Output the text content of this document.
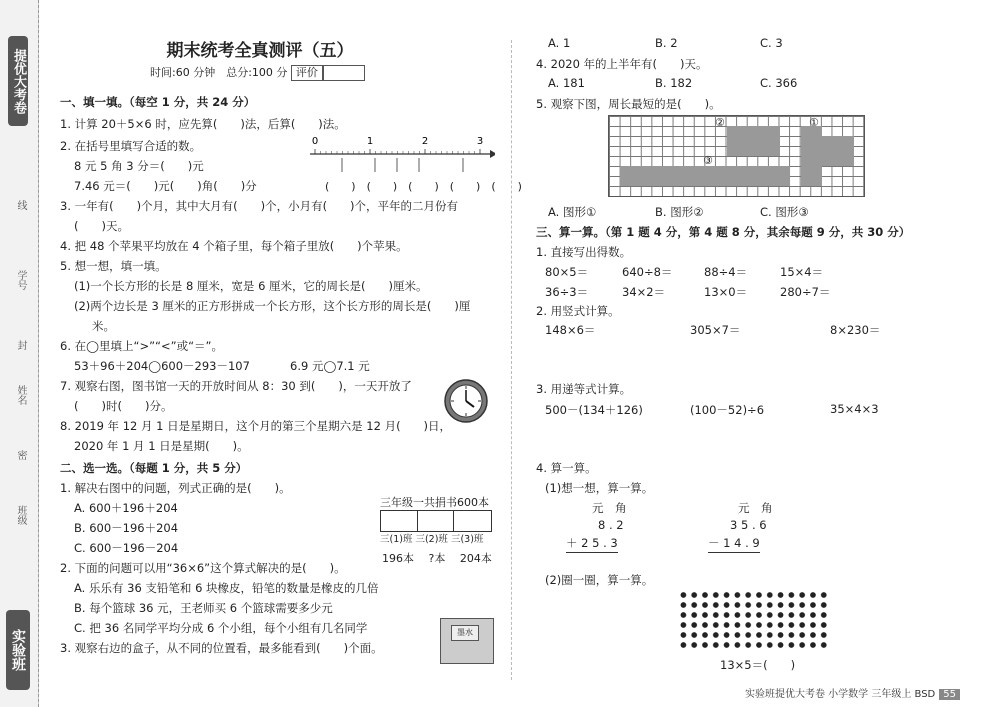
提优大考卷
线
学号
封
姓名
密
班级
实验班
期末统考全真测评（五）
时间:60 分钟　总分:100 分 评价
一、填一填。（每空 1 分，共 24 分）
1. 计算 20＋5×6 时，应先算(　　)法，后算(　　)法。
2. 在括号里填写合适的数。
8 元 5 角 3 分＝(　　)元
7.46 元＝(　　)元(　　)角(　　)分
0	1	2	3
(　　)　(　　)　(　　)　(　　)　(　　)
3. 一年有(　　)个月，其中大月有(　　)个，小月有(　　)个，平年的二月份有
(　　)天。
4. 把 48 个苹果平均放在 4 个箱子里，每个箱子里放(　　)个苹果。
5. 想一想，填一填。
(1)一个长方形的长是 8 厘米，宽是 6 厘米，它的周长是(　　)厘米。
(2)两个边长是 3 厘米的正方形拼成一个长方形，这个长方形的周长是(　　)厘
米。
6. 在◯里填上“>”“<”或“＝”。
53＋96＋204◯600－293－107	6.9 元◯7.1 元
7. 观察右图，图书馆一天的开放时间从 8：30 到(　　)，一天开放了
(　　)时(　　)分。
8. 2019 年 12 月 1 日是星期日，这个月的第三个星期六是 12 月(　　)日，
2020 年 1 月 1 日是星期(　　)。
二、选一选。（每题 1 分，共 5 分）
1. 解决右图中的问题，列式正确的是(　　)。
A. 600＋196＋204
B. 600－196＋204
C. 600－196－204
三年级一共捐书600本
三(1)班 三(2)班 三(3)班
196本　 ?本　 204本
2. 下面的问题可以用“36×6”这个算式解决的是(　　)。
A. 乐乐有 36 支铅笔和 6 块橡皮，铅笔的数量是橡皮的几倍
B. 每个篮球 36 元，王老师买 6 个篮球需要多少元
C. 把 36 名同学平均分成 6 个小组，每个小组有几名同学
3. 观察右边的盒子，从不同的位置看，最多能看到(　　)个面。
墨水
A. 1	B. 2	C. 3
4. 2020 年的上半年有(　　)天。
A. 181	B. 182	C. 366
5. 观察下图，周长最短的是(　　)。
②	①
③
A. 图形①	B. 图形②	C. 图形③
三、算一算。（第 1 题 4 分，第 4 题 8 分，其余每题 9 分，共 30 分）
1. 直接写出得数。
80×5＝	640÷8＝	88÷4＝	15×4＝
36÷3＝	34×2＝	13×0＝	280÷7＝
2. 用竖式计算。
148×6＝	305×7＝	8×230＝
3. 用递等式计算。
500－(134＋126)	(100－52)÷6	35×4×3
4. 算一算。
(1)想一想，算一算。
元　角
8 . 2
＋ 2 5 . 3
元　角
3 5 . 6
－ 1 4 . 9
(2)圈一圈，算一算。
13×5＝(　　)
实验班提优大考卷 小学数学 三年级上 BSD 55
